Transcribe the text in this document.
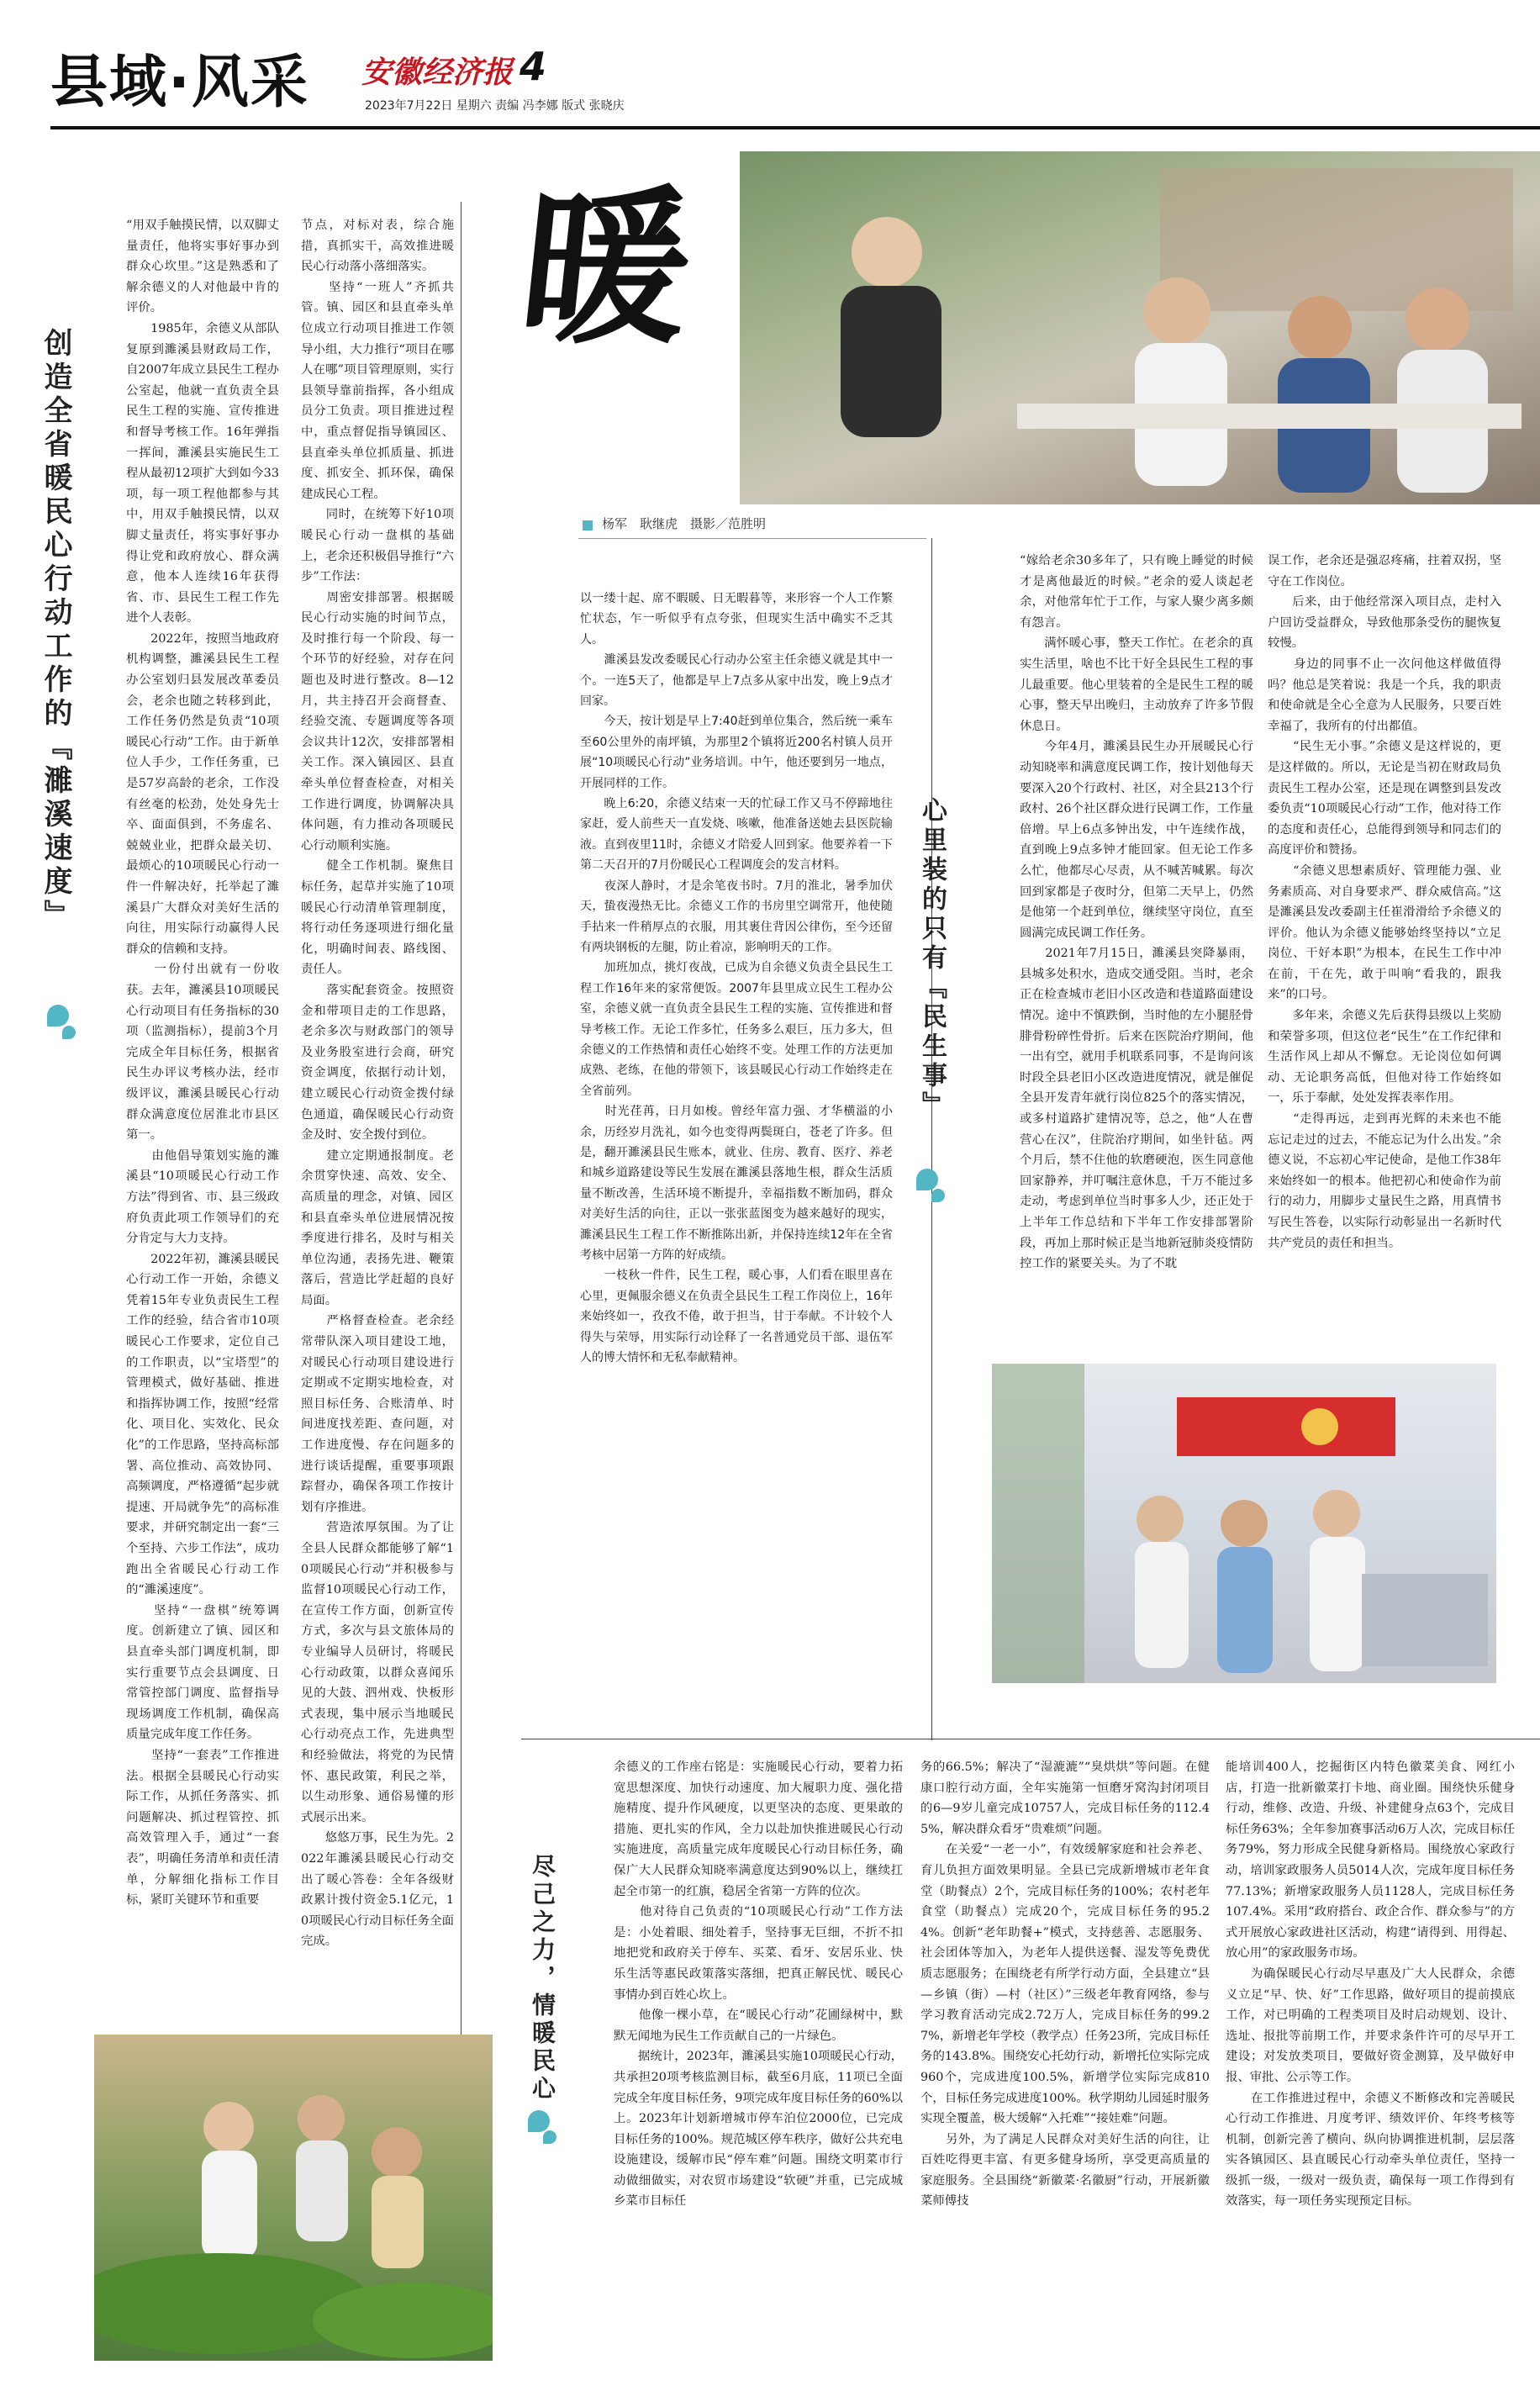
县域·风采 安徽经济报 4
2023年7月22日 星期六 责编 冯李娜 版式 张晓庆
创造全省暖民心行动工作的『濉溪速度』
“用双手触摸民情，以双脚丈量责任，他将实事好事办到群众心坎里。”这是熟悉和了解余德义的人对他最中肯的评价。
　　1985年，余德义从部队复原到濉溪县财政局工作，自2007年成立县民生工程办公室起，他就一直负责全县民生工程的实施、宣传推进和督导考核工作。16年弹指一挥间，濉溪县实施民生工程从最初12项扩大到如今33项，每一项工程他都参与其中，用双手触摸民情，以双脚丈量责任，将实事好事办得让党和政府放心、群众满意，他本人连续16年获得省、市、县民生工程工作先进个人表彰。
　　2022年，按照当地政府机构调整，濉溪县民生工程办公室划归县发展改革委员会，老余也随之转移到此，工作任务仍然是负责“10项暖民心行动”工作。由于新单位人手少，工作任务重，已是57岁高龄的老余，工作没有丝毫的松劲，处处身先士卒、面面俱到，不务虚名、兢兢业业，把群众最关切、最烦心的10项暖民心行动一件一件解决好，托举起了濉溪县广大群众对美好生活的向往，用实际行动赢得人民群众的信赖和支持。
　　一份付出就有一份收获。去年，濉溪县10项暖民心行动项目有任务指标的30项（监测指标），提前3个月完成全年目标任务，根据省民生办评议考核办法，经市级评议，濉溪县暖民心行动群众满意度位居淮北市县区第一。
　　由他倡导策划实施的濉溪县“10项暖民心行动工作方法”得到省、市、县三级政府负责此项工作领导们的充分肯定与大力支持。
　　2022年初，濉溪县暖民心行动工作一开始，余德义凭着15年专业负责民生工程工作的经验，结合省市10项暖民心工作要求，定位自己的工作职责，以“宝塔型”的管理模式，做好基础、推进和指挥协调工作，按照“经常化、项目化、实效化、民众化”的工作思路，坚持高标部署、高位推动、高效协同、高频调度，严格遵循“起步就提速、开局就争先”的高标准要求，并研究制定出一套“三个至持、六步工作法”，成功跑出全省暖民心行动工作的“濉溪速度”。
　　坚持“一盘棋”统筹调度。创新建立了镇、园区和县直牵头部门调度机制，即实行重要节点会县调度、日常管控部门调度、监督指导现场调度工作机制，确保高质量完成年度工作任务。
　　坚持“一套表”工作推进法。根据全县暖民心行动实际工作，从抓任务落实、抓问题解决、抓过程管控、抓高效管理入手，通过“一套表”，明确任务清单和责任清单，分解细化指标工作目标，紧盯关键环节和重要
节点，对标对表，综合施措，真抓实干，高效推进暖民心行动落小落细落实。
　　坚持“一班人”齐抓共管。镇、园区和县直牵头单位成立行动项目推进工作领导小组，大力推行“项目在哪人在哪”项目管理原则，实行县领导靠前指挥，各小组成员分工负责。项目推进过程中，重点督促指导镇园区、县直牵头单位抓质量、抓进度、抓安全、抓环保，确保建成民心工程。
　　同时，在统筹下好10项暖民心行动一盘棋的基础上，老余还积极倡导推行“六步”工作法：
　　周密安排部署。根据暖民心行动实施的时间节点，及时推行每一个阶段、每一个环节的好经验，对存在问题也及时进行整改。8—12月，共主持召开会商督查、经验交流、专题调度等各项会议共计12次，安排部署相关工作。深入镇园区、县直牵头单位督查检查，对相关工作进行调度，协调解决具体问题，有力推动各项暖民心行动顺利实施。
　　健全工作机制。聚焦目标任务，起草并实施了10项暖民心行动清单管理制度，将行动任务逐项进行细化量化，明确时间表、路线图、责任人。
　　落实配套资金。按照资金和带项目走的工作思路，老余多次与财政部门的领导及业务股室进行会商，研究资金调度，依据行动计划，建立暖民心行动资金拨付绿色通道，确保暖民心行动资金及时、安全拨付到位。
　　建立定期通报制度。老余贯穿快速、高效、安全、高质量的理念，对镇、园区和县直牵头单位进展情况按季度进行排名，及时与相关单位沟通，表扬先进、鞭策落后，营造比学赶超的良好局面。
　　严格督查检查。老余经常带队深入项目建设工地，对暖民心行动项目建设进行定期或不定期实地检查，对照目标任务、合账清单、时间进度找差距、查问题，对工作进度慢、存在问题多的进行谈话提醒，重要事项跟踪督办，确保各项工作按计划有序推进。
　　营造浓厚氛围。为了让全县人民群众都能够了解“10项暖民心行动”并积极参与监督10项暖民心行动工作，在宣传工作方面，创新宣传方式，多次与县文旅体局的专业编导人员研讨，将暖民心行动政策，以群众喜闻乐见的大鼓、泗州戏、快板形式表现，集中展示当地暖民心行动亮点工作，先进典型和经验做法，将党的为民情怀、惠民政策，利民之举，以生动形象、通俗易懂的形式展示出来。
　　悠悠万事，民生为先。2022年濉溪县暖民心行动交出了暖心答卷：全年各级财政累计拨付资金5.1亿元，10项暖民心行动目标任务全面完成。
暖
杨军　耿继虎　摄影／范胜明
以一缕十起、席不暇暖、日无暇暮等，来形容一个人工作繁忙状态，乍一听似乎有点夸张，但现实生活中确实不乏其人。
　　濉溪县发改委暖民心行动办公室主任余德义就是其中一个。一连5天了，他都是早上7点多从家中出发，晚上9点才回家。
　　今天，按计划是早上7:40赶到单位集合，然后统一乘车至60公里外的南坪镇，为那里2个镇将近200名村镇人员开展“10项暖民心行动”业务培训。中午，他还要到另一地点，开展同样的工作。
　　晚上6:20，余德义结束一天的忙碌工作又马不停蹄地往家赶，爱人前些天一直发烧、咳嗽，他准备送她去县医院输液。直到夜里11时，余德义才陪爱人回到家。他要养着一下第二天召开的7月份暖民心工程调度会的发言材料。
　　夜深人静时，才是余笔夜书时。7月的淮北，暑季加伏天，蛰夜漫热无比。余德义工作的书房里空调常开，他使随手拈来一件稍厚点的衣服，用其裹住背因公律伤，至今还留有两块钢板的左腿，防止着凉，影响明天的工作。
　　加班加点，挑灯夜战，已成为自余德义负责全县民生工程工作16年来的家常便饭。2007年县里成立民生工程办公室，余德义就一直负责全县民生工程的实施、宣传推进和督导考核工作。无论工作多忙，任务多么艰巨，压力多大，但余德义的工作热情和责任心始终不变。处理工作的方法更加成熟、老练，在他的带领下，该县暖民心行动工作始终走在全省前列。
　　时光荏苒，日月如梭。曾经年富力强、才华横溢的小余，历经岁月洗礼，如今也变得两鬓斑白，苍老了许多。但是，翻开濉溪县民生账本，就业、住房、教育、医疗、养老和城乡道路建设等民生发展在濉溪县落地生根，群众生活质量不断改善，生活环境不断提升，幸福指数不断加码，群众对美好生活的向往，正以一张张蓝图变为越来越好的现实，濉溪县民生工程工作不断推陈出新，并保持连续12年在全省考核中居第一方阵的好成绩。
　　一枝秋一件件，民生工程，暖心事，人们看在眼里喜在心里，更佩服余德义在负责全县民生工程工作岗位上，16年来始终如一，孜孜不倦，敢于担当，甘于奉献。不计较个人得失与荣辱，用实际行动诠释了一名普通党员干部、退伍军人的博大情怀和无私奉献精神。
心里装的只有『民生事』
“嫁给老余30多年了，只有晚上睡觉的时候才是离他最近的时候。”老余的爱人谈起老余，对他常年忙于工作，与家人聚少离多颇有怨言。
　　满怀暖心事，整天工作忙。在老余的真实生活里，啥也不比干好全县民生工程的事儿最重要。他心里装着的全是民生工程的暖心事，整天早出晚归，主动放弃了许多节假休息日。
　　今年4月，濉溪县民生办开展暖民心行动知晓率和满意度民调工作，按计划他每天要深入20个行政村、社区，对全县213个行政村、26个社区群众进行民调工作，工作量倍增。早上6点多钟出发，中午连续作战，直到晚上9点多钟才能回家。但无论工作多么忙，他都尽心尽责，从不喊苦喊累。每次回到家都是子夜时分，但第二天早上，仍然是他第一个赶到单位，继续坚守岗位，直至圆满完成民调工作任务。
　　2021年7月15日，濉溪县突降暴雨，县城多处积水，造成交通受阻。当时，老余正在检查城市老旧小区改造和巷道路面建设情况。途中不慎跌倒，当时他的左小腿胫骨腓骨粉碎性骨折。后来在医院治疗期间，他一出有空，就用手机联系同事，不是询问该时段全县老旧小区改造进度情况，就是催促全县开发青年就行岗位825个的落实情况，或多村道路扩建情况等，总之，他“人在曹营心在汉”，住院治疗期间，如坐针毡。两个月后，禁不住他的软磨硬泡，医生同意他回家静养，并叮嘱注意休息，千万不能过多走动，考虑到单位当时事多人少，还正处于上半年工作总结和下半年工作安排部署阶段，再加上那时候正是当地新冠肺炎疫情防控工作的紧要关头。为了不耽
误工作，老余还是强忍疼痛，拄着双拐，坚守在工作岗位。
　　后来，由于他经常深入项目点，走村入户回访受益群众，导致他那条受伤的腿恢复较慢。
　　身边的同事不止一次问他这样做值得吗？他总是笑着说：我是一个兵，我的职责和使命就是全心全意为人民服务，只要百姓幸福了，我所有的付出都值。
　　“民生无小事。”余德义是这样说的，更是这样做的。所以，无论是当初在财政局负责民生工程办公室，还是现在调整到县发改委负责“10项暖民心行动”工作，他对待工作的态度和责任心，总能得到领导和同志们的高度评价和赞扬。
　　“余德义思想素质好、管理能力强、业务素质高、对自身要求严、群众威信高。”这是濉溪县发改委副主任崔滑滑给予余德义的评价。他认为余德义能够始终坚持以“立足岗位、干好本职”为根本，在民生工作中冲在前，干在先，敢于叫响“看我的，跟我来”的口号。
　　多年来，余德义先后获得县级以上奖励和荣誉多项，但这位老“民生”在工作纪律和生活作风上却从不懈怠。无论岗位如何调动、无论职务高低，但他对待工作始终如一，乐于奉献，处处发挥表率作用。
　　“走得再远，走到再光辉的未来也不能忘记走过的过去，不能忘记为什么出发。”余德义说，不忘初心牢记使命，是他工作38年来始终如一的根本。他把初心和使命作为前行的动力，用脚步丈量民生之路，用真情书写民生答卷，以实际行动彰显出一名新时代共产党员的责任和担当。
尽己之力，情暖民心
余德义的工作座右铭是：实施暖民心行动，要着力拓宽思想深度、加快行动速度、加大履职力度、强化措施精度、提升作风硬度，以更坚决的态度、更果敢的措施、更扎实的作风，全力以赴加快推进暖民心行动实施进度，高质量完成年度暖民心行动目标任务，确保广大人民群众知晓率满意度达到90%以上，继续扛起全市第一的红旗，稳居全省第一方阵的位次。
　　他对待自己负责的“10项暖民心行动”工作方法是：小处着眼、细处着手，坚持事无巨细，不折不扣地把党和政府关于停车、买菜、看牙、安居乐业、快乐生活等惠民政策落实落细，把真正解民忧、暖民心事情办到百姓心坎上。
　　他像一棵小草，在“暖民心行动”花圃绿树中，默默无闻地为民生工作贡献自己的一片绿色。
　　据统计，2023年，濉溪县实施10项暖民心行动，共承担20项考核监测目标，截至6月底，11项已全面完成全年度目标任务，9项完成年度目标任务的60%以上。2023年计划新增城市停车泊位2000位，已完成目标任务的100%。规范城区停车秩序，做好公共充电设施建设，缓解市民“停车难”问题。围绕文明菜市行动做细做实，对农贸市场建设“软硬”并重，已完成城乡菜市目标任
务的66.5%；解决了“湿漉漉”“臭烘烘”等问题。在健康口腔行动方面，全年实施第一恒磨牙窝沟封闭项目的6—9岁儿童完成10757人，完成目标任务的112.45%，解决群众看牙“贵难烦”问题。
　　在关爱“一老一小”，有效缓解家庭和社会养老、育儿负担方面效果明显。全县已完成新增城市老年食堂（助餐点）2个，完成目标任务的100%；农村老年食堂（助餐点）完成20个，完成目标任务的95.24%。创新“老年助餐+”模式，支持慈善、志愿服务、社会团体等加入，为老年人提供送餐、湿发等免费优质志愿服务；在围绕老有所学行动方面，全县建立“县—乡镇（街）—村（社区）”三级老年教育网络，参与学习教育活动完成2.72万人，完成目标任务的99.27%，新增老年学校（教学点）任务23所，完成目标任务的143.8%。围绕安心托幼行动，新增托位实际完成960个，完成进度100.5%，新增学位实际完成810个，目标任务完成进度100%。秋学期幼儿园延时服务实现全覆盖，极大缓解“入托难”“接娃难”问题。
　　另外，为了满足人民群众对美好生活的向往，让百姓吃得更丰富、有更多健身场所，享受更高质量的家庭服务。全县围绕“新徽菜·名徽厨”行动，开展新徽菜师傅技
能培训400人，挖掘街区内特色徽菜美食、网红小店，打造一批新徽菜打卡地、商业圈。围绕快乐健身行动，维修、改造、升级、补建健身点63个，完成目标任务63%；全年参加赛事活动6万人次，完成目标任务79%，努力形成全民健身新格局。围绕放心家政行动，培训家政服务人员5014人次，完成年度目标任务77.13%；新增家政服务人员1128人，完成目标任务107.4%。采用“政府搭台、政企合作、群众参与”的方式开展放心家政进社区活动，构建“请得到、用得起、放心用”的家政服务市场。
　　为确保暖民心行动尽早惠及广大人民群众，余德义立足“早、快、好”工作思路，做好项目的提前摸底工作，对已明确的工程类项目及时启动规划、设计、选址、报批等前期工作，并要求条件许可的尽早开工建设；对发放类项目，要做好资金测算，及早做好申报、审批、公示等工作。
　　在工作推进过程中，余德义不断修改和完善暖民心行动工作推进、月度考评、绩效评价、年终考核等机制，创新完善了横向、纵向协调推进机制，层层落实各镇园区、县直暖民心行动牵头单位责任，坚持一级抓一级，一级对一级负责，确保每一项工作得到有效落实，每一项任务实现预定目标。
